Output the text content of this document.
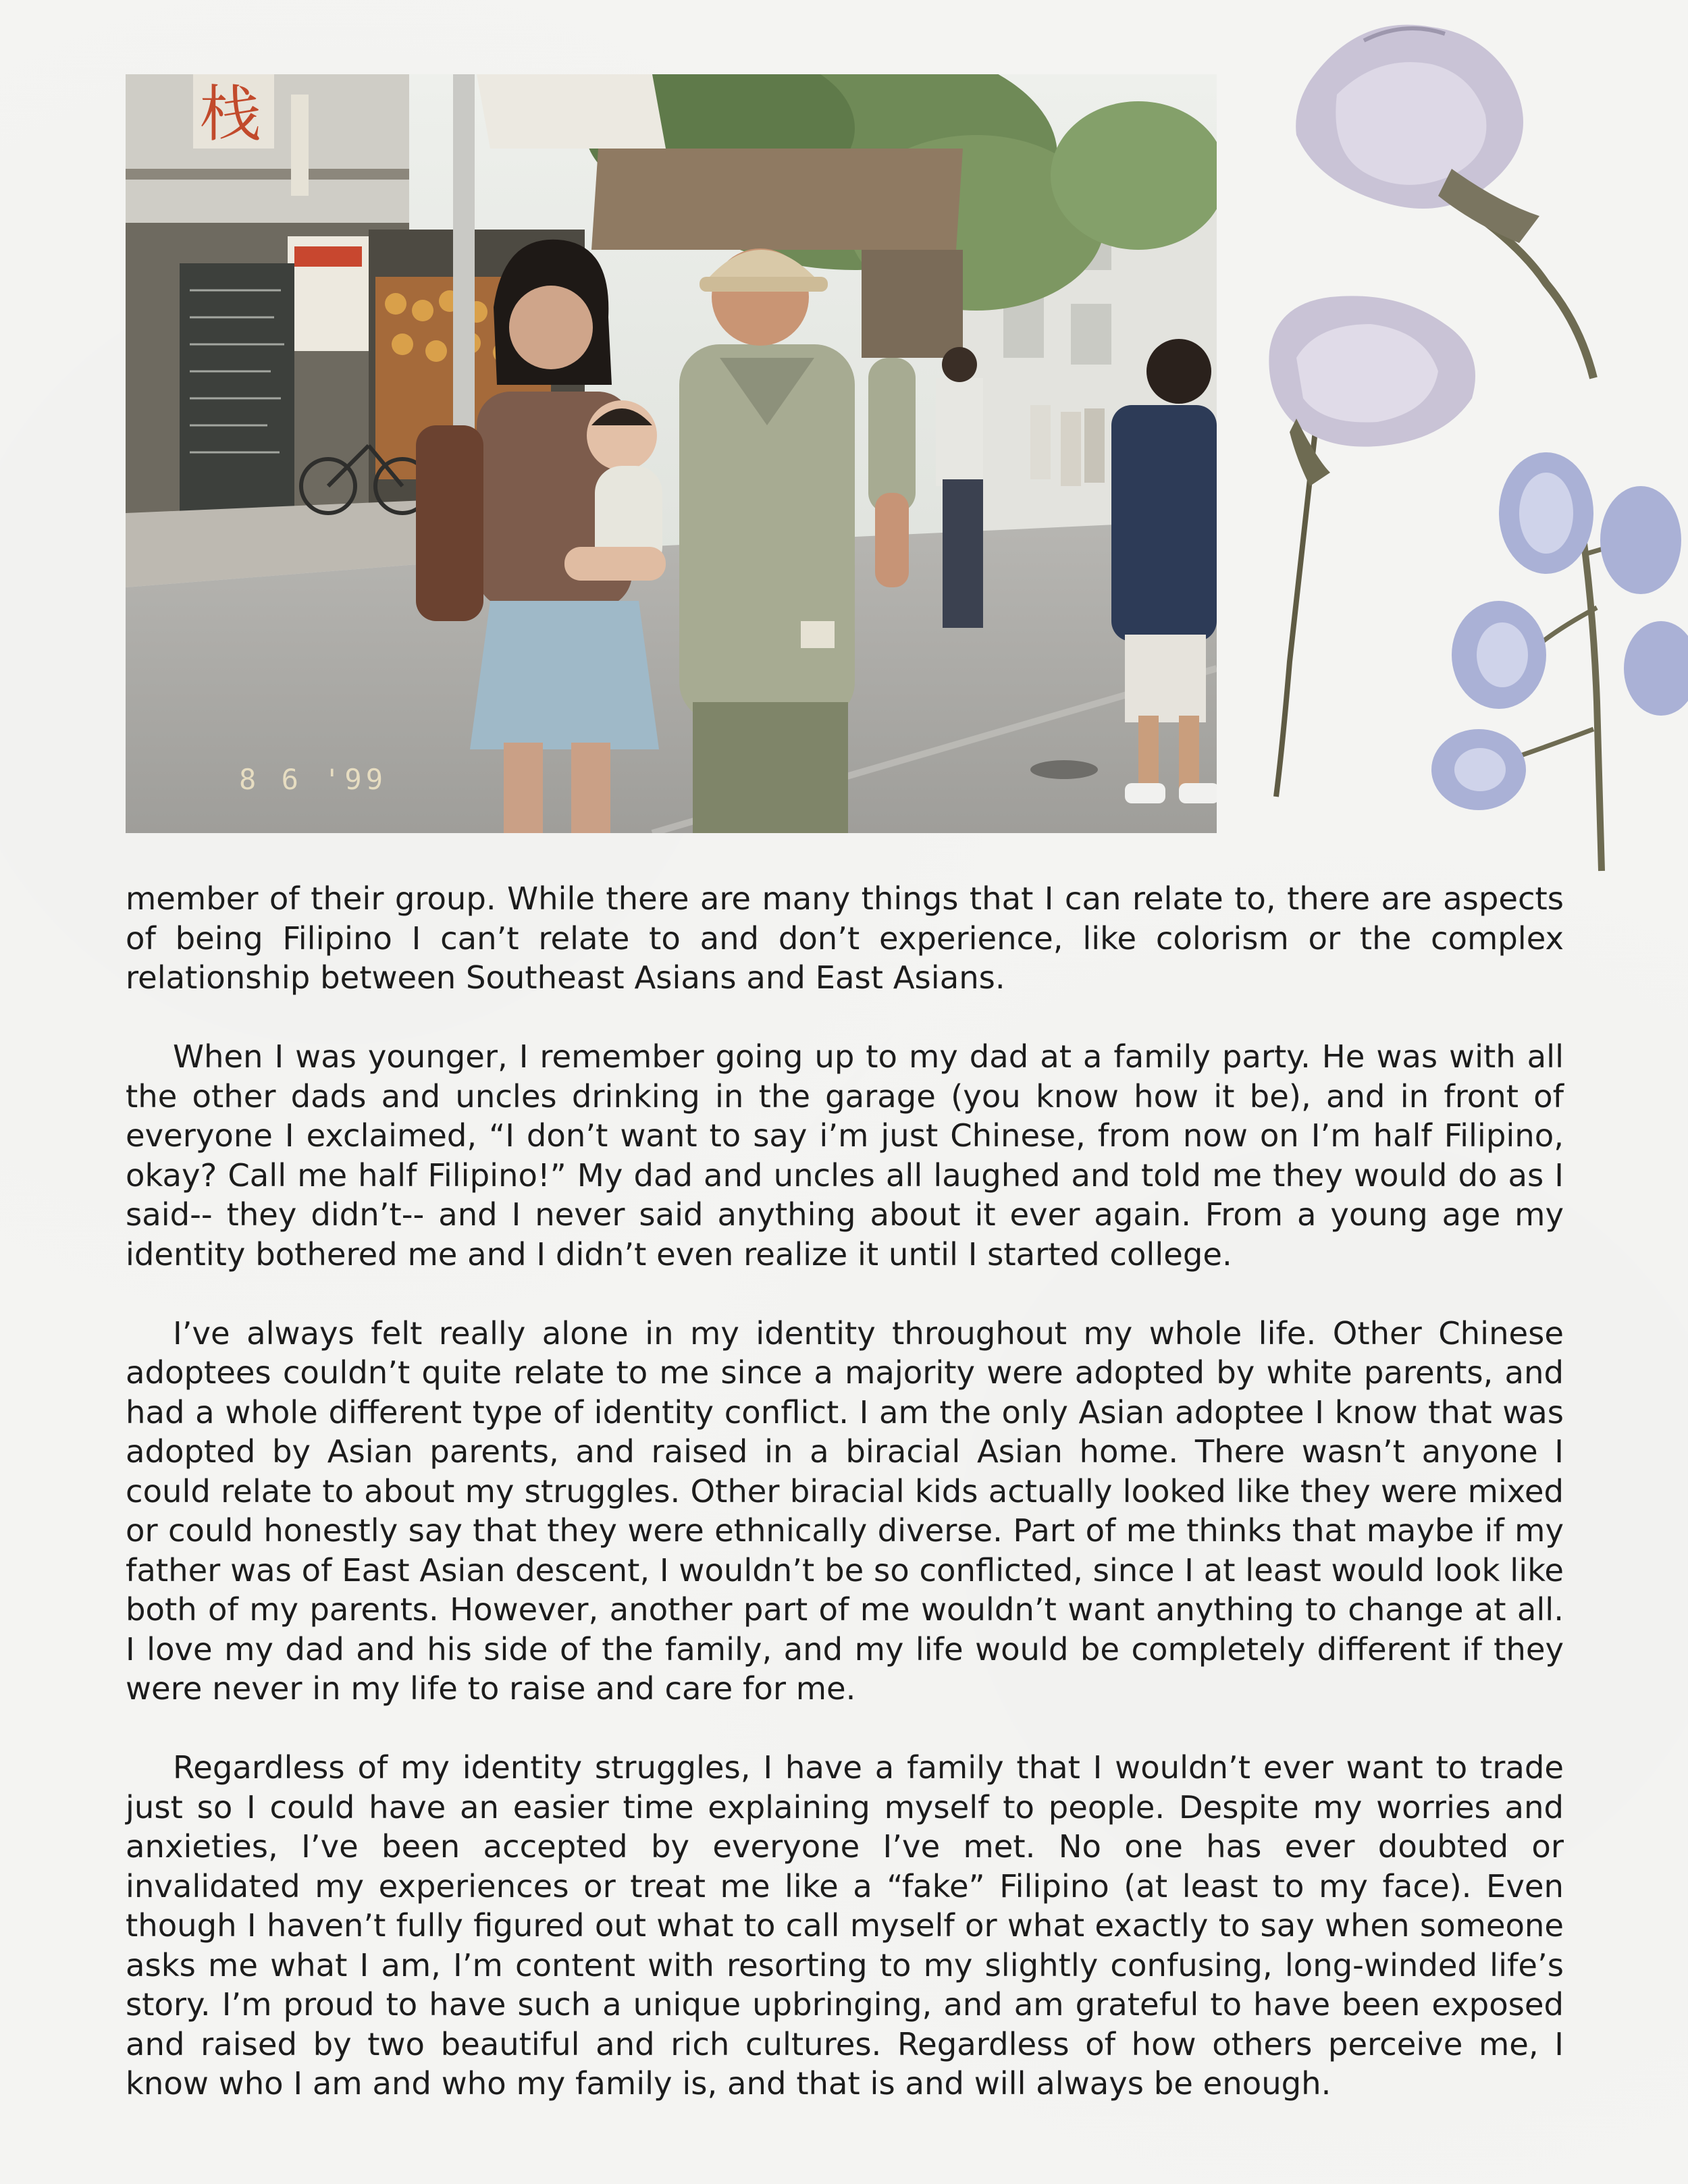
栈
8 6 '99

member of their group. While there are many things that I can relate to, there are aspects of being Filipino I can’t relate to and don’t experience, like colorism or the complex relationship between Southeast Asians and East Asians.

When I was younger, I remember going up to my dad at a family party. He was with all the other dads and uncles drinking in the garage (you know how it be), and in front of everyone I exclaimed, “I don’t want to say i’m just Chinese, from now on I’m half Filipino, okay? Call me half Filipino!” My dad and uncles all laughed and told me they would do as I said-- they didn’t-- and I never said anything about it ever again. From a young age my identity bothered me and I didn’t even realize it until I started college.

I’ve always felt really alone in my identity throughout my whole life. Other Chinese adoptees couldn’t quite relate to me since a majority were adopted by white parents, and had a whole different type of identity conflict. I am the only Asian adoptee I know that was adopted by Asian parents, and raised in a biracial Asian home. There wasn’t anyone I could relate to about my struggles. Other biracial kids actually looked like they were mixed or could honestly say that they were ethnically diverse. Part of me thinks that maybe if my father was of East Asian descent, I wouldn’t be so conflicted, since I at least would look like both of my parents. However, another part of me wouldn’t want anything to change at all. I love my dad and his side of the family, and my life would be completely different if they were never in my life to raise and care for me.

Regardless of my identity struggles, I have a family that I wouldn’t ever want to trade just so I could have an easier time explaining myself to people. Despite my worries and anxieties, I’ve been accepted by everyone I’ve met. No one has ever doubted or invalidated my experiences or treat me like a “fake” Filipino (at least to my face). Even though I haven’t fully figured out what to call myself or what exactly to say when someone asks me what I am, I’m content with resorting to my slightly confusing, long-winded life’s story. I’m proud to have such a unique upbringing, and am grateful to have been exposed and raised by two beautiful and rich cultures. Regardless of how others perceive me, I know who I am and who my family is, and that is and will always be enough.
